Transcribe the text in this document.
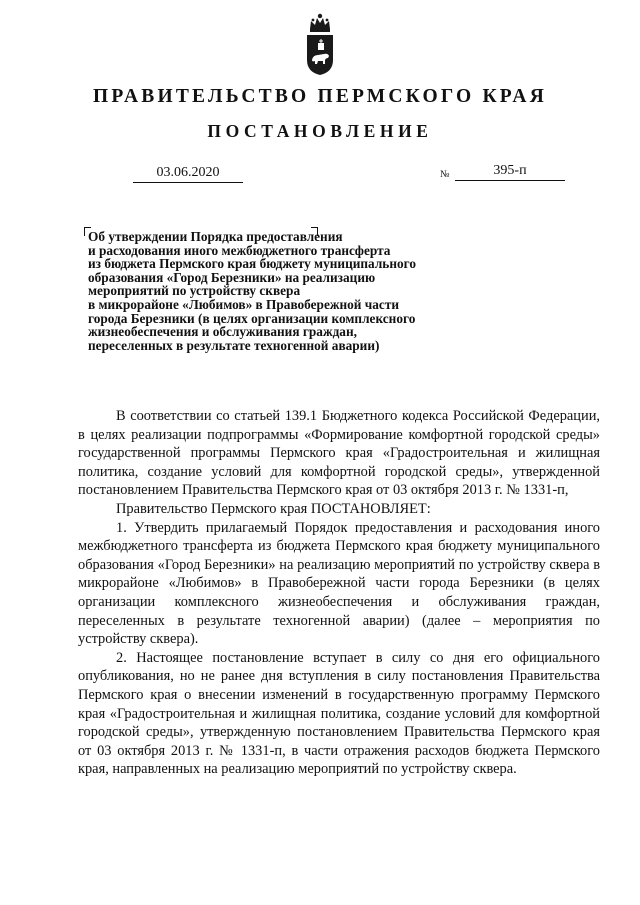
ПРАВИТЕЛЬСТВО ПЕРМСКОГО КРАЯ
ПОСТАНОВЛЕНИЕ
03.06.2020	№	395-п
Об утверждении Порядка предоставления
и расходования иного межбюджетного трансферта
из бюджета Пермского края бюджету муниципального
образования «Город Березники» на реализацию
мероприятий по устройству сквера
в микрорайоне «Любимов» в Правобережной части
города Березники (в целях организации комплексного
жизнеобеспечения и обслуживания граждан,
переселенных в результате техногенной аварии)

В соответствии со статьей 139.1 Бюджетного кодекса Российской Федерации, в целях реализации подпрограммы «Формирование комфортной городской среды» государственной программы Пермского края «Градостроительная и жилищная политика, создание условий для комфортной городской среды», утвержденной постановлением Правительства Пермского края от 03 октября 2013 г. № 1331-п,

Правительство Пермского края ПОСТАНОВЛЯЕТ:

1. Утвердить прилагаемый Порядок предоставления и расходования иного межбюджетного трансферта из бюджета Пермского края бюджету муниципального образования «Город Березники» на реализацию мероприятий по устройству сквера в микрорайоне «Любимов» в Правобережной части города Березники (в целях организации комплексного жизнеобеспечения и обслуживания граждан, переселенных в результате техногенной аварии) (далее – мероприятия по устройству сквера).

2. Настоящее постановление вступает в силу со дня его официального опубликования, но не ранее дня вступления в силу постановления Правительства Пермского края о внесении изменений в государственную программу Пермского края «Градостроительная и жилищная политика, создание условий для комфортной городской среды», утвержденную постановлением Правительства Пермского края от 03 октября 2013 г. № 1331-п, в части отражения расходов бюджета Пермского края, направленных на реализацию мероприятий по устройству сквера.
